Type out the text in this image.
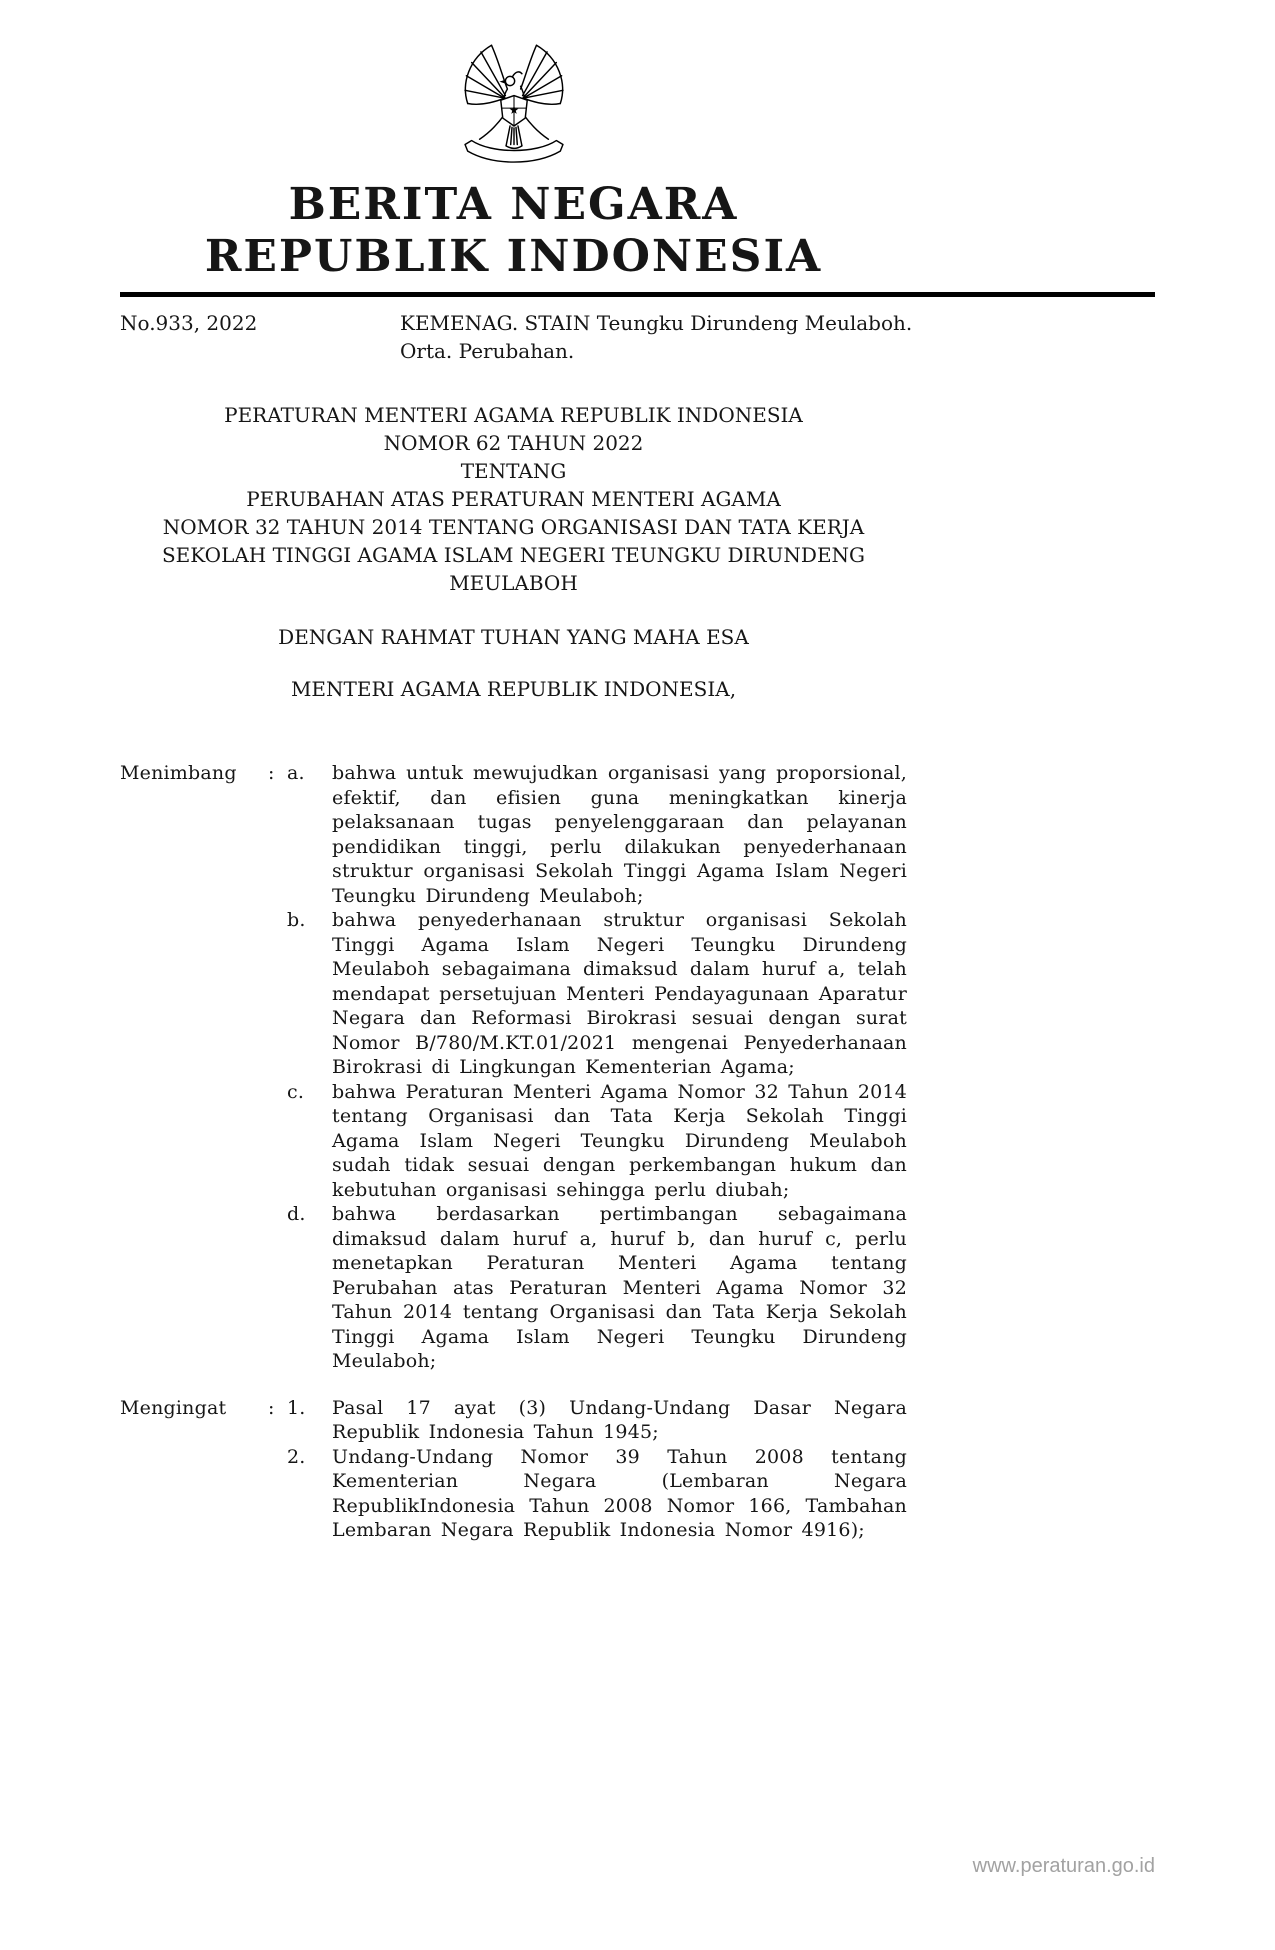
BERITA NEGARA
REPUBLIK INDONESIA
No.933, 2022	KEMENAG. STAIN Teungku Dirundeng Meulaboh.
Orta. Perubahan.
PERATURAN MENTERI AGAMA REPUBLIK INDONESIA
NOMOR 62 TAHUN 2022
TENTANG
PERUBAHAN ATAS PERATURAN MENTERI AGAMA
NOMOR 32 TAHUN 2014 TENTANG ORGANISASI DAN TATA KERJA
SEKOLAH TINGGI AGAMA ISLAM NEGERI TEUNGKU DIRUNDENG
MEULABOH
DENGAN RAHMAT TUHAN YANG MAHA ESA
MENTERI AGAMA REPUBLIK INDONESIA,
Menimbang	: a.	bahwa untuk mewujudkan organisasi yang proporsional, efektif, dan efisien guna meningkatkan kinerja pelaksanaan tugas penyelenggaraan dan pelayanan pendidikan tinggi, perlu dilakukan penyederhanaan struktur organisasi Sekolah Tinggi Agama Islam Negeri Teungku Dirundeng Meulaboh;
b.	bahwa penyederhanaan struktur organisasi Sekolah Tinggi Agama Islam Negeri Teungku Dirundeng Meulaboh sebagaimana dimaksud dalam huruf a, telah mendapat persetujuan Menteri Pendayagunaan Aparatur Negara dan Reformasi Birokrasi sesuai dengan surat Nomor B/780/M.KT.01/2021 mengenai Penyederhanaan Birokrasi di Lingkungan Kementerian Agama;
c.	bahwa Peraturan Menteri Agama Nomor 32 Tahun 2014 tentang Organisasi dan Tata Kerja Sekolah Tinggi Agama Islam Negeri Teungku Dirundeng Meulaboh sudah tidak sesuai dengan perkembangan hukum dan kebutuhan organisasi sehingga perlu diubah;
d.	bahwa berdasarkan pertimbangan sebagaimana dimaksud dalam huruf a, huruf b, dan huruf c, perlu menetapkan Peraturan Menteri Agama tentang Perubahan atas Peraturan Menteri Agama Nomor 32 Tahun 2014 tentang Organisasi dan Tata Kerja Sekolah Tinggi Agama Islam Negeri Teungku Dirundeng Meulaboh;
Mengingat	: 1.	Pasal 17 ayat (3) Undang-Undang Dasar Negara Republik Indonesia Tahun 1945;
2.	Undang-Undang Nomor 39 Tahun 2008 tentang Kementerian Negara (Lembaran Negara RepublikIndonesia Tahun 2008 Nomor 166, Tambahan Lembaran Negara Republik Indonesia Nomor 4916);
www.peraturan.go.id
